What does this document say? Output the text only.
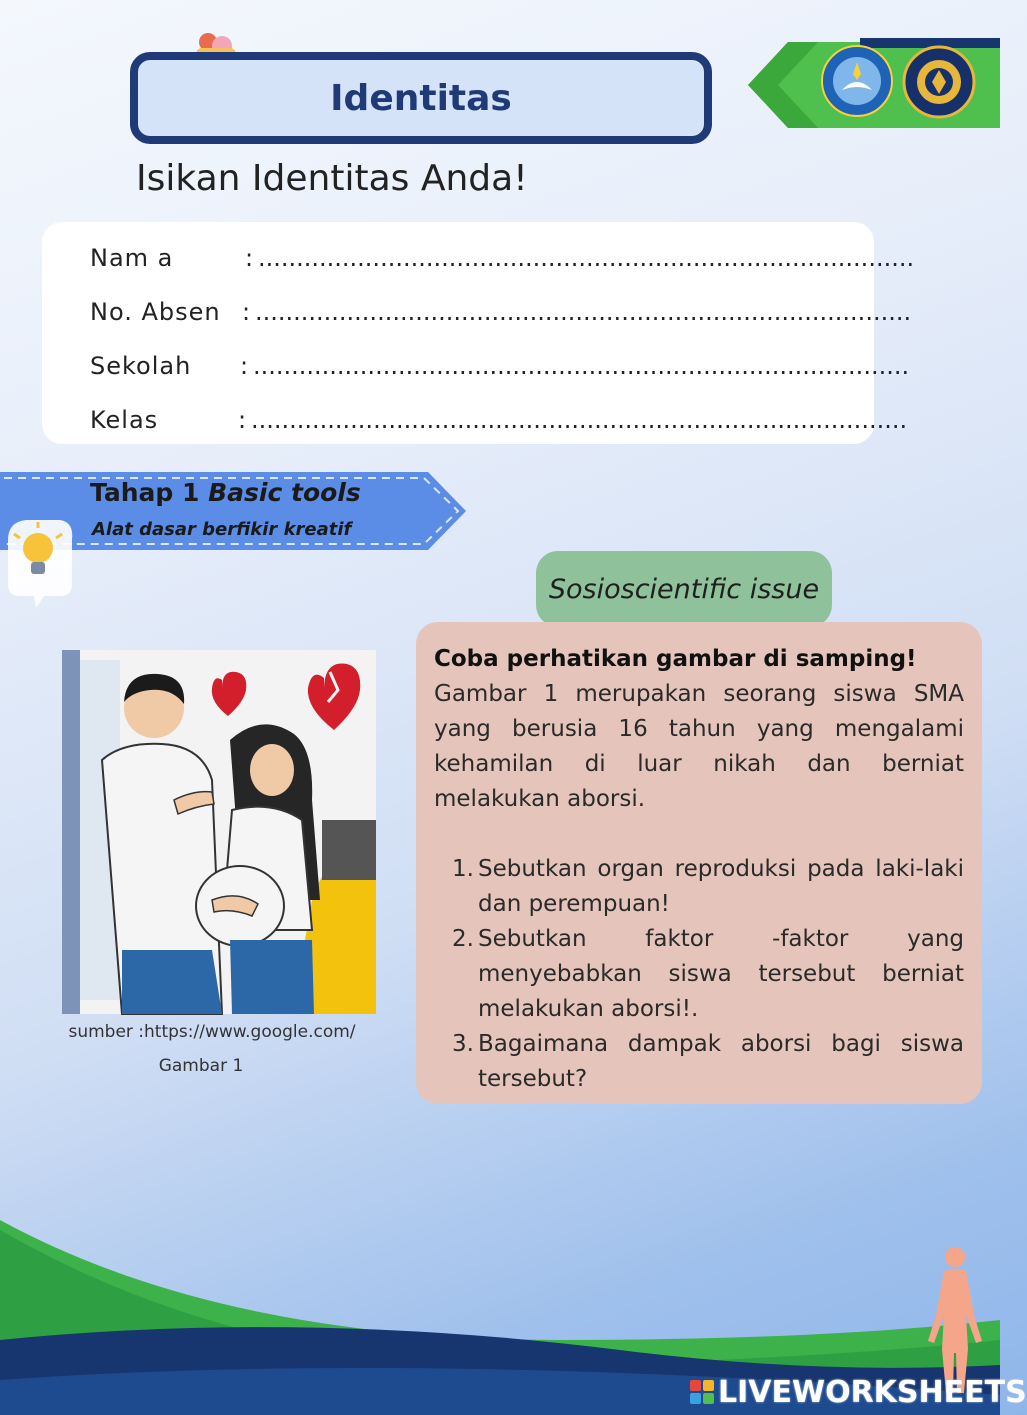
Identitas
Isikan Identitas Anda!
Nam a	: ......................................................................................
No. Absen : ......................................................................................
Sekolah : ......................................................................................
Kelas	: ......................................................................................
Tahap 1 Basic tools
Alat dasar berfikir kreatif
Sosioscientific issue
Coba perhatikan gambar di samping!
Gambar 1 merupakan seorang siswa SMA yang berusia 16 tahun yang mengalami kehamilan di luar nikah dan berniat melakukan aborsi.
1. Sebutkan organ reproduksi pada laki-laki dan perempuan!
2. Sebutkan faktor -faktor yang menyebabkan siswa tersebut berniat melakukan aborsi!.
3. Bagaimana dampak aborsi bagi siswa tersebut?
sumber :https://www.google.com/
Gambar 1
LIVEWORKSHEETS
